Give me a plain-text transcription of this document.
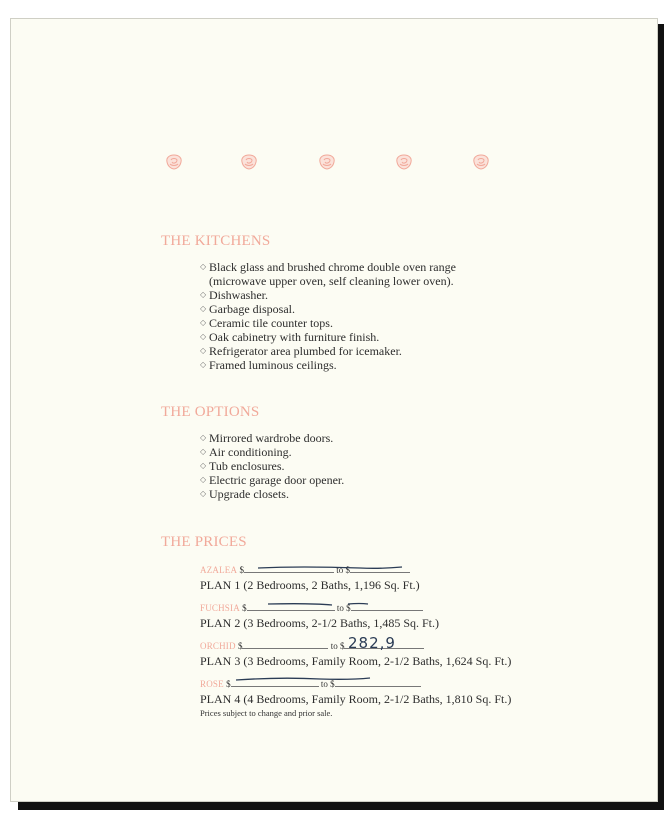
THE KITCHENS
◇ Black glass and brushed chrome double oven range
(microwave upper oven, self cleaning lower oven).
◇ Dishwasher.
◇ Garbage disposal.
◇ Ceramic tile counter tops.
◇ Oak cabinetry with furniture finish.
◇ Refrigerator area plumbed for icemaker.
◇ Framed luminous ceilings.
THE OPTIONS
◇ Mirrored wardrobe doors.
◇ Air conditioning.
◇ Tub enclosures.
◇ Electric garage door opener.
◇ Upgrade closets.
THE PRICES
AZALEA $	to $
PLAN 1 (2 Bedrooms, 2 Baths, 1,196 Sq. Ft.)
FUCHSIA $	to $
PLAN 2 (3 Bedrooms, 2-1/2 Baths, 1,485 Sq. Ft.)
ORCHID $	to $ 282,9
PLAN 3 (3 Bedrooms, Family Room, 2-1/2 Baths, 1,624 Sq. Ft.)
ROSE $	to $
PLAN 4 (4 Bedrooms, Family Room, 2-1/2 Baths, 1,810 Sq. Ft.)
Prices subject to change and prior sale.
